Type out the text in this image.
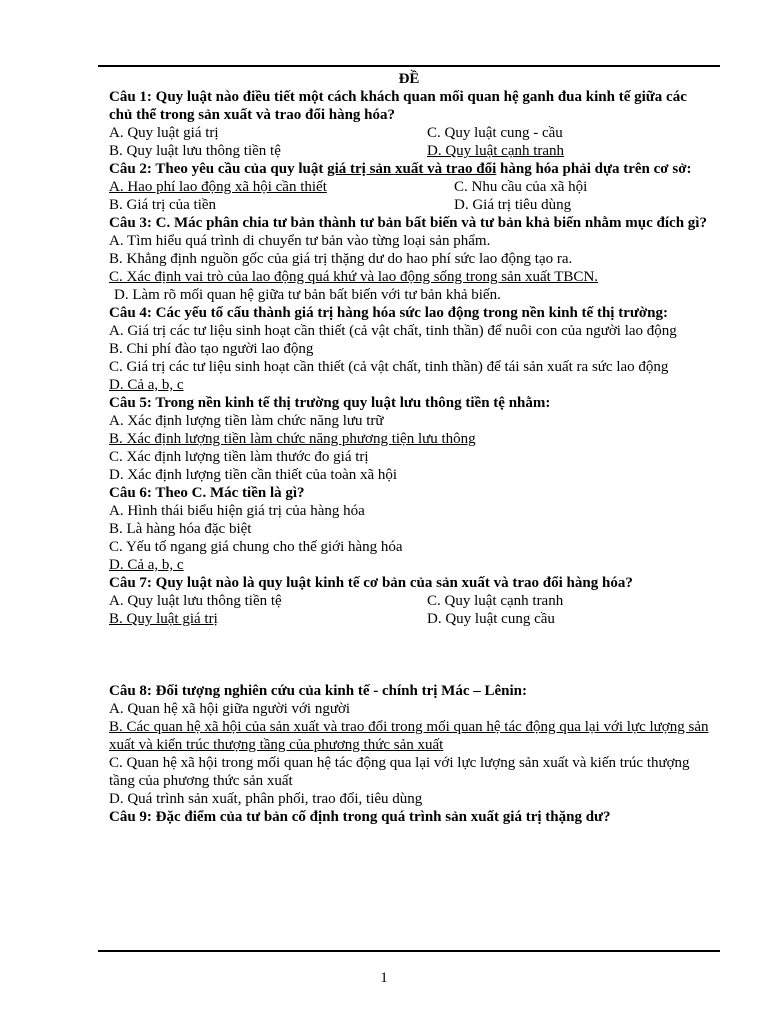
ĐỀ
Câu 1: Quy luật nào điều tiết một cách khách quan mối quan hệ ganh đua kinh tế giữa các chủ thể trong sản xuất và trao đổi hàng hóa?
A. Quy luật giá trị	C. Quy luật cung - cầu
B. Quy luật lưu thông tiền tệ	D. Quy luật cạnh tranh
Câu 2: Theo yêu cầu của quy luật giá trị sản xuất và trao đổi hàng hóa phải dựa trên cơ sở:
A. Hao phí lao động xã hội cần thiết	C. Nhu cầu của xã hội
B. Giá trị của tiền	D. Giá trị tiêu dùng
Câu 3: C. Mác phân chia tư bản thành tư bản bất biến và tư bản khả biến nhằm mục đích gì?
A. Tìm hiểu quá trình di chuyển tư bản vào từng loại sản phẩm.
B. Khẳng định nguồn gốc của giá trị thặng dư do hao phí sức lao động tạo ra.
C. Xác định vai trò của lao động quá khứ và lao động sống trong sản xuất TBCN.
D. Làm rõ mối quan hệ giữa tư bản bất biến với tư bản khả biến.
Câu 4: Các yếu tố cấu thành giá trị hàng hóa sức lao động trong nền kinh tế thị trường:
A. Giá trị các tư liệu sinh hoạt cần thiết (cả vật chất, tinh thần) để nuôi con của người lao động
B. Chi phí đào tạo người lao động
C. Giá trị các tư liệu sinh hoạt cần thiết (cả vật chất, tinh thần) để tái sản xuất ra sức lao động
D. Cả a, b, c
Câu 5: Trong nền kinh tế thị trường quy luật lưu thông tiền tệ nhằm:
A. Xác định lượng tiền làm chức năng lưu trữ
B. Xác định lượng tiền làm chức năng phương tiện lưu thông
C. Xác định lượng tiền làm thước đo giá trị
D. Xác định lượng tiền cần thiết của toàn xã hội
Câu 6: Theo C. Mác tiền là gì?
A. Hình thái biểu hiện giá trị của hàng hóa
B. Là hàng hóa đặc biệt
C. Yếu tố ngang giá chung cho thế giới hàng hóa
D. Cả a, b, c
Câu 7: Quy luật nào là quy luật kinh tế cơ bản của sản xuất và trao đổi hàng hóa?
A. Quy luật lưu thông tiền tệ	C. Quy luật cạnh tranh
B. Quy luật giá trị	D. Quy luật cung cầu
Câu 8: Đối tượng nghiên cứu của kinh tế - chính trị Mác – Lênin:
A. Quan hệ xã hội giữa người với người
B. Các quan hệ xã hội của sản xuất và trao đổi trong mối quan hệ tác động qua lại với lực lượng sản xuất và kiến trúc thượng tầng của phương thức sản xuất
C. Quan hệ xã hội trong mối quan hệ tác động qua lại với lực lượng sản xuất và kiến trúc thượng tầng của phương thức sản xuất
D. Quá trình sản xuất, phân phối, trao đổi, tiêu dùng
Câu 9: Đặc điểm của tư bản cố định trong quá trình sản xuất giá trị thặng dư?
1
